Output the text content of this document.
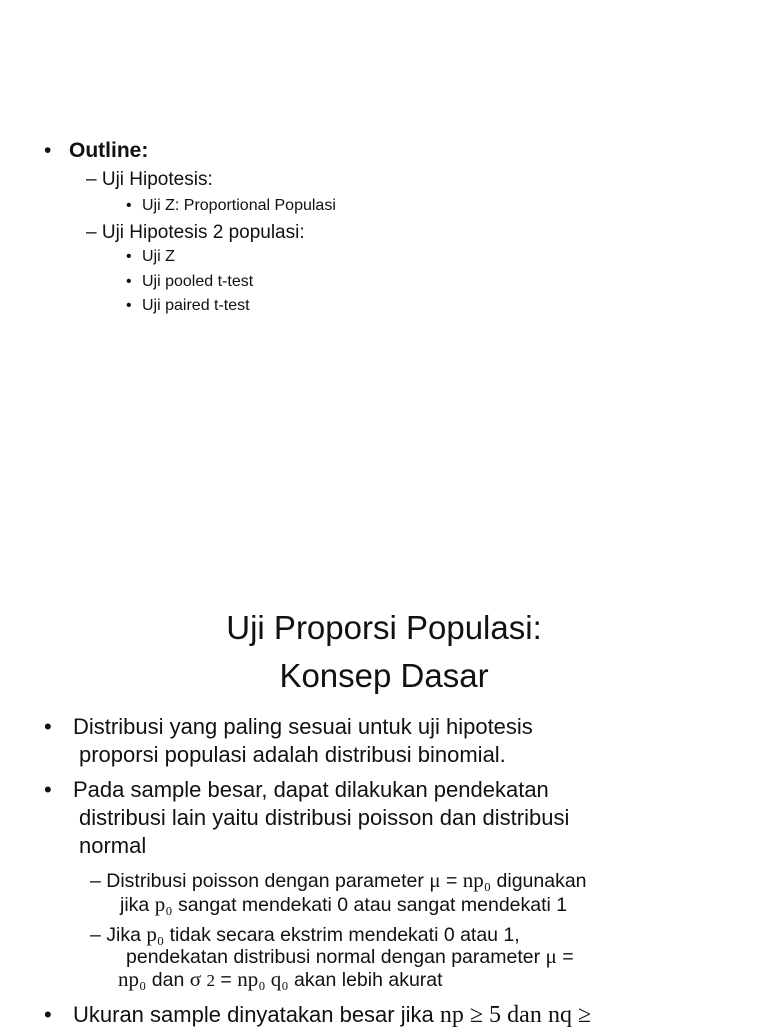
• Outline:
– Uji Hipotesis:
• Uji Z: Proportional Populasi
– Uji Hipotesis 2 populasi:
• Uji Z
• Uji pooled t-test
• Uji paired t-test
Uji Proporsi Populasi:
Konsep Dasar
• Distribusi yang paling sesuai untuk uji hipotesis
proporsi populasi adalah distribusi binomial.
• Pada sample besar, dapat dilakukan pendekatan
distribusi lain yaitu distribusi poisson dan distribusi
normal
– Distribusi poisson dengan parameter μ = np₀ digunakan
jika p₀ sangat mendekati 0 atau sangat mendekati 1
– Jika p₀ tidak secara ekstrim mendekati 0 atau 1,
pendekatan distribusi normal dengan parameter μ =
np₀ dan σ 2 = np₀ q₀ akan lebih akurat
• Ukuran sample dinyatakan besar jika np ≥ 5 dan nq ≥
